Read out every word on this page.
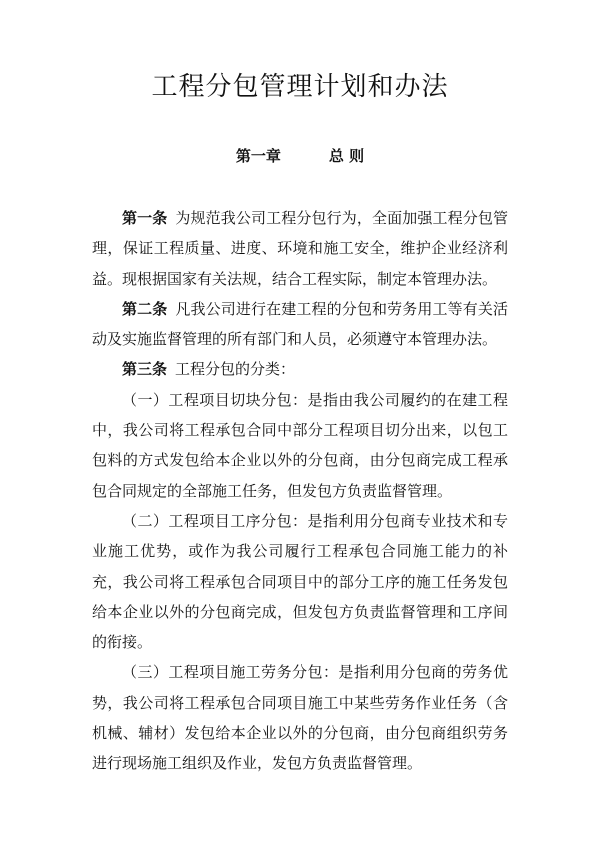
工程分包管理计划和办法
第一章	总 则

第一条 为规范我公司工程分包行为，全面加强工程分包管理，保证工程质量、进度、环境和施工安全，维护企业经济利益。现根据国家有关法规，结合工程实际，制定本管理办法。

第二条 凡我公司进行在建工程的分包和劳务用工等有关活动及实施监督管理的所有部门和人员，必须遵守本管理办法。

第三条 工程分包的分类：

（一）工程项目切块分包：是指由我公司履约的在建工程中，我公司将工程承包合同中部分工程项目切分出来，以包工包料的方式发包给本企业以外的分包商，由分包商完成工程承包合同规定的全部施工任务，但发包方负责监督管理。

（二）工程项目工序分包：是指利用分包商专业技术和专业施工优势，或作为我公司履行工程承包合同施工能力的补充，我公司将工程承包合同项目中的部分工序的施工任务发包给本企业以外的分包商完成，但发包方负责监督管理和工序间的衔接。

（三）工程项目施工劳务分包：是指利用分包商的劳务优势，我公司将工程承包合同项目施工中某些劳务作业任务（含机械、辅材）发包给本企业以外的分包商，由分包商组织劳务进行现场施工组织及作业，发包方负责监督管理。
